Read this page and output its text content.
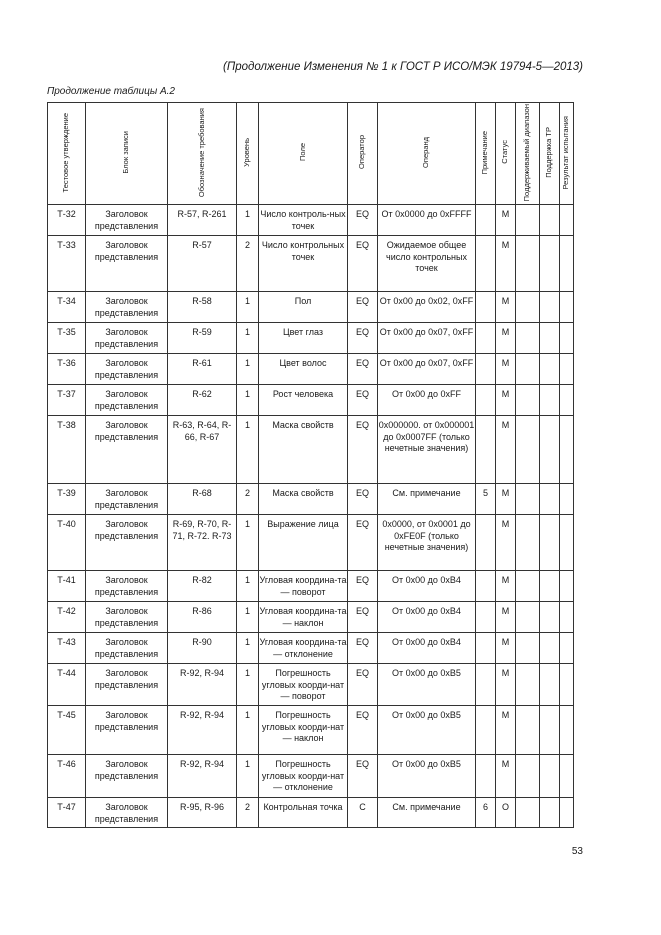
(Продолжение Изменения № 1 к ГОСТ Р ИСО/МЭК 19794-5—2013)
Продолжение таблицы А.2
Тестовое утверждение	Блок записи	Обозначение требования	Уровень	Поле	Оператор	Операнд	Примечание	Статус	Поддерживаемый диапазон	Поддержка ТР	Результат испытания
Т-32	Заголовок представления	R-57, R-261	1	Число контроль-ных точек	EQ	От 0х0000 до 0xFFFF		М			
Т-33	Заголовок представления	R-57	2	Число контрольных точек	EQ	Ожидаемое общее число контрольных точек		М			
Т-34	Заголовок представления	R-58	1	Пол	EQ	От 0x00 до 0x02, 0xFF		М			
Т-35	Заголовок представления	R-59	1	Цвет глаз	EQ	От 0x00 до 0x07, 0xFF		М			
Т-36	Заголовок представления	R-61	1	Цвет волос	EQ	От 0x00 до 0x07, 0xFF		М			
Т-37	Заголовок представления	R-62	1	Рост человека	EQ	От 0x00 до 0xFF		М			
Т-38	Заголовок представления	R-63, R-64, R-66, R-67	1	Маска свойств	EQ	0x000000. от 0x000001 до 0x0007FF (только нечетные значения)		М			
Т-39	Заголовок представления	R-68	2	Маска свойств	EQ	См. примечание	5	М			
Т-40	Заголовок представления	R-69, R-70, R-71, R-72. R-73	1	Выражение лица	EQ	0x0000, от 0x0001 до 0xFE0F (только нечетные значения)		М			
Т-41	Заголовок представления	R-82	1	Угловая координа-та — поворот	EQ	От 0x00 до 0xB4		М			
Т-42	Заголовок представления	R-86	1	Угловая координа-та — наклон	EQ	От 0x00 до 0xB4		М			
Т-43	Заголовок представления	R-90	1	Угловая координа-та — отклонение	EQ	От 0x00 до 0xB4		М			
Т-44	Заголовок представления	R-92, R-94	1	Погрешность угловых коорди-нат — поворот	EQ	От 0x00 до 0xB5		М			
Т-45	Заголовок представления	R-92, R-94	1	Погрешность угловых коорди-нат — наклон	EQ	От 0x00 до 0xB5		М			
Т-46	Заголовок представления	R-92, R-94	1	Погрешность угловых коорди-нат — отклонение	EQ	От 0x00 до 0xB5		М			
Т-47	Заголовок представления	R-95, R-96	2	Контрольная точка	C	См. примечание	6	О			
53
